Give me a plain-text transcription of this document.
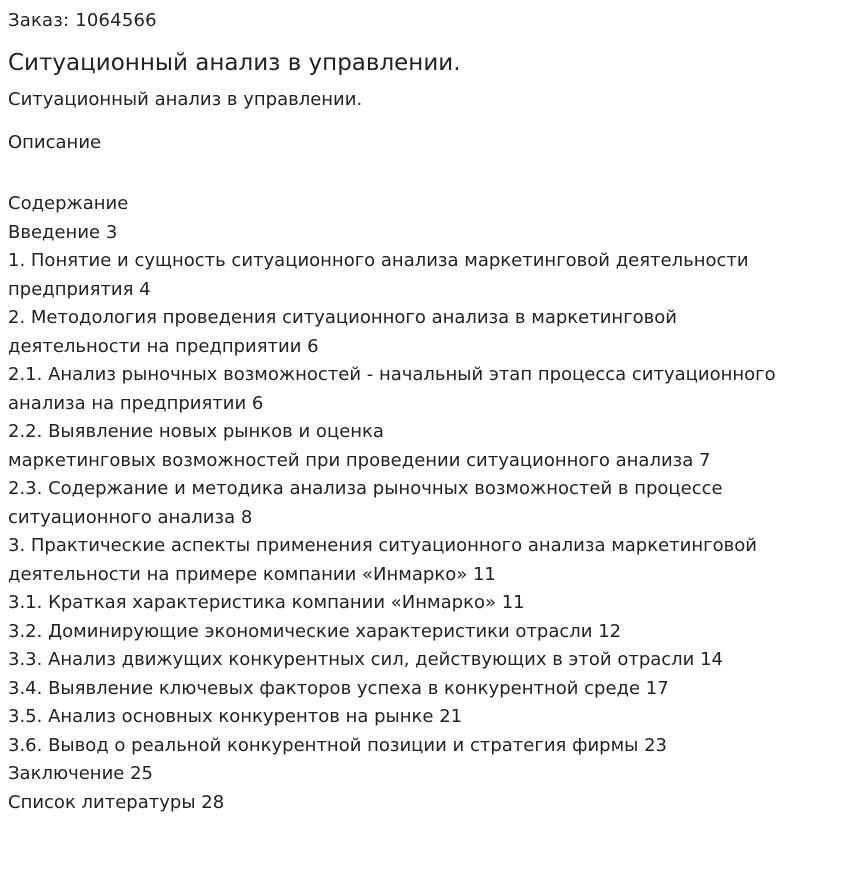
Заказ: 1064566
Ситуационный анализ в управлении.
Ситуационный анализ в управлении.
Описание
Содержание
Введение 3
1. Понятие и сущность ситуационного анализа маркетинговой деятельности
предприятия 4
2. Методология проведения ситуационного анализа в маркетинговой
деятельности на предприятии 6
2.1. Анализ рыночных возможностей - начальный этап процесса ситуационного
анализа на предприятии 6
2.2. Выявление новых рынков и оценка
маркетинговых возможностей при проведении ситуационного анализа 7
2.3. Содержание и методика анализа рыночных возможностей в процессе
ситуационного анализа 8
3. Практические аспекты применения ситуационного анализа маркетинговой
деятельности на примере компании «Инмарко» 11
3.1. Краткая характеристика компании «Инмарко» 11
3.2. Доминирующие экономические характеристики отрасли 12
3.3. Анализ движущих конкурентных сил, действующих в этой отрасли 14
3.4. Выявление ключевых факторов успеха в конкурентной среде 17
3.5. Анализ основных конкурентов на рынке 21
3.6. Вывод о реальной конкурентной позиции и стратегия фирмы 23
Заключение 25
Список литературы 28
